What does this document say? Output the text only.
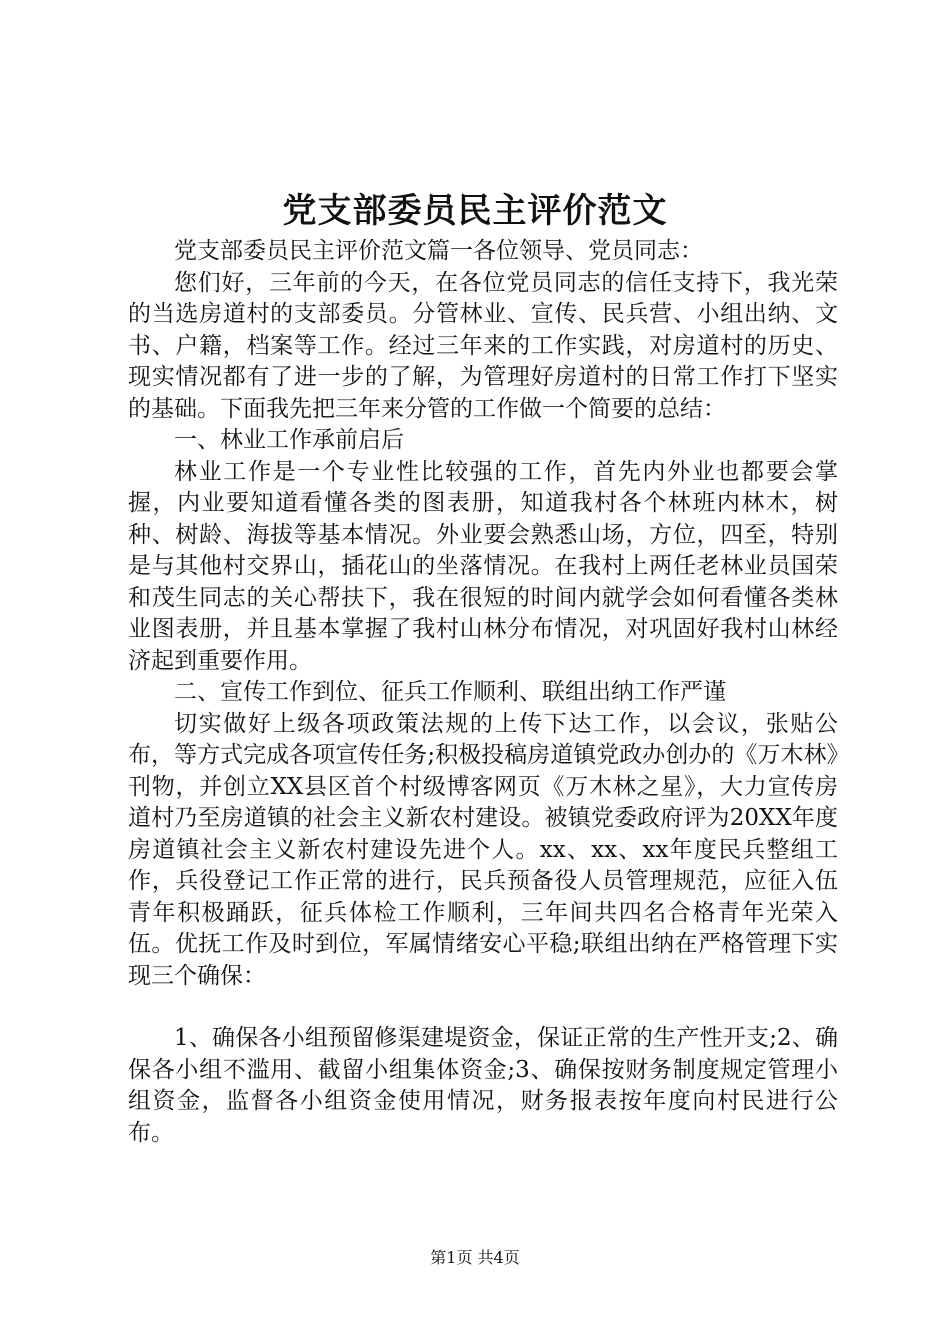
党支部委员民主评价范文

党支部委员民主评价范文篇一各位领导、党员同志：

您们好，三年前的今天，在各位党员同志的信任支持下，我光荣的当选房道村的支部委员。分管林业、宣传、民兵营、小组出纳、文书、户籍，档案等工作。经过三年来的工作实践，对房道村的历史、现实情况都有了进一步的了解，为管理好房道村的日常工作打下坚实的基础。下面我先把三年来分管的工作做一个简要的总结：

一、林业工作承前启后

林业工作是一个专业性比较强的工作，首先内外业也都要会掌握，内业要知道看懂各类的图表册，知道我村各个林班内林木，树种、树龄、海拔等基本情况。外业要会熟悉山场，方位，四至，特别是与其他村交界山，插花山的坐落情况。在我村上两任老林业员国荣和茂生同志的关心帮扶下，我在很短的时间内就学会如何看懂各类林业图表册，并且基本掌握了我村山林分布情况，对巩固好我村山林经济起到重要作用。

二、宣传工作到位、征兵工作顺利、联组出纳工作严谨

切实做好上级各项政策法规的上传下达工作，以会议，张贴公布，等方式完成各项宣传任务;积极投稿房道镇党政办创办的《万木林》刊物，并创立XX县区首个村级博客网页《万木林之星》，大力宣传房道村乃至房道镇的社会主义新农村建设。被镇党委政府评为20XX年度房道镇社会主义新农村建设先进个人。xx、xx、xx年度民兵整组工作，兵役登记工作正常的进行，民兵预备役人员管理规范，应征入伍青年积极踊跃，征兵体检工作顺利，三年间共四名合格青年光荣入伍。优抚工作及时到位，军属情绪安心平稳;联组出纳在严格管理下实现三个确保：

1、确保各小组预留修渠建堤资金，保证正常的生产性开支;2、确保各小组不滥用、截留小组集体资金;3、确保按财务制度规定管理小组资金，监督各小组资金使用情况，财务报表按年度向村民进行公布。

第1页 共4页
